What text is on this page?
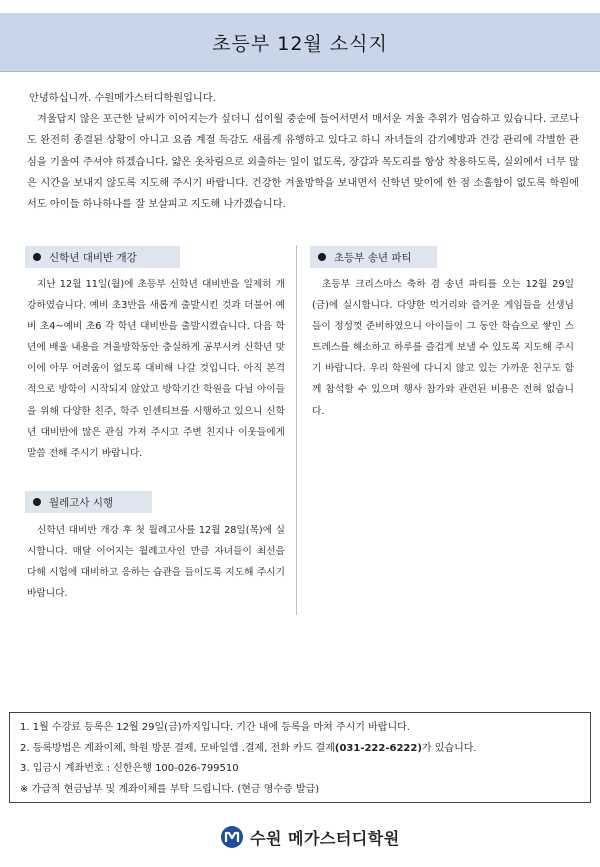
초등부 12월 소식지

안녕하십니까. 수원메가스터디학원입니다.

겨울답지 않은 포근한 날씨가 이어지는가 싶더니 십이월 중순에 들어서면서 매서운 겨울 추위가 엄습하고 있습니다. 코로나도 완전히 종결된 상황이 아니고 요즘 계절 독감도 새롭게 유행하고 있다고 하니 자녀들의 감기예방과 건강 관리에 각별한 관심을 기울여 주셔야 하겠습니다. 얇은 옷차림으로 외출하는 일이 없도록, 장갑과 목도리를 항상 착용하도록, 실외에서 너무 많은 시간을 보내지 않도록 지도해 주시기 바랍니다. 건강한 겨울방학을 보내면서 신학년 맞이에 한 점 소홀함이 없도록 학원에서도 아이들 하나하나를 잘 보살피고 지도해 나가겠습니다.

신학년 대비반 개강

지난 12월 11일(월)에 초등부 신학년 대비반을 일제히 개강하였습니다. 예비 초3반을 새롭게 출발시킨 것과 더불어 예비 초4~예비 초6 각 학년 대비반을 출발시켰습니다. 다음 학년에 배울 내용을 겨울방학동안 충실하게 공부시켜 신학년 맞이에 아무 어려움이 없도록 대비해 나갈 것입니다. 아직 본격적으로 방학이 시작되지 않았고 방학기간 학원을 다닐 아이들을 위해 다양한 친주, 학주 인센티브를 시행하고 있으니 신학년 대비반에 많은 관심 가져 주시고 주변 친지나 이웃들에게 말씀 전해 주시기 바랍니다.

월레고사 시행

신학년 대비반 개강 후 첫 월례고사를 12월 28일(목)에 실시합니다. 매달 이어지는 월례고사인 만큼 자녀들이 최선을 다해 시험에 대비하고 응하는 습관을 들이도록 지도해 주시기 바랍니다.

초등부 송년 파티

초등부 크리스마스 축하 겸 송년 파티를 오는 12월 29일(금)에 실시합니다. 다양한 먹거리와 즐거운 게임들을 선생님들이 정성껏 준비하였으니 아이들이 그 동안 학습으로 쌓인 스트레스를 해소하고 하루를 즐겁게 보낼 수 있도록 지도해 주시기 바랍니다. 우리 학원에 다니지 않고 있는 가까운 친구도 함께 참석할 수 있으며 행사 참가와 관련된 비용은 전혀 없습니다.

1. 1월 수강료 등록은 12월 29일(금)까지입니다. 기간 내에 등록을 마쳐 주시기 바랍니다.
2. 등록방법은 계좌이체, 학원 방문 결제, 모바일앱 .결제, 전화 카드 결제(031-222-6222)가 있습니다.
3. 입금시 계좌번호 : 신한은행 100-026-799510
※ 가급적 현금납부 및 계좌이체를 부탁 드립니다. (현금 영수증 발급)
수원 메가스터디학원
